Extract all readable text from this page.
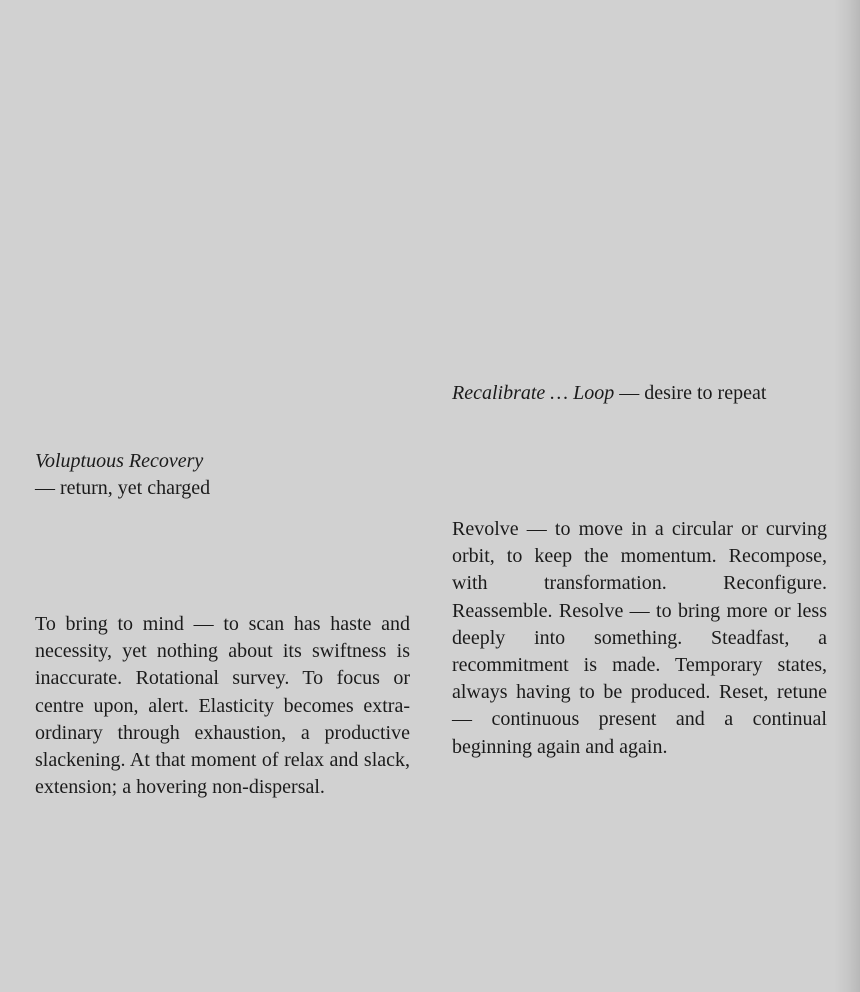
Recalibrate … Loop — desire to repeat
Voluptuous Recovery
— return, yet charged
To bring to mind — to scan has haste and necessity, yet nothing about its swiftness is inaccurate. Rotational survey. To focus or centre upon, alert. Elasticity becomes extraordinary through exhaustion, a productive slackening. At that moment of relax and slack, extension; a hovering non-dispersal.
Revolve — to move in a circular or curving orbit, to keep the momentum. Recompose, with transformation. Reconfigure. Reassemble. Resolve — to bring more or less deeply into something. Steadfast, a recommitment is made. Temporary states, always having to be produced. Reset, retune — continuous present and a continual beginning again and again.
